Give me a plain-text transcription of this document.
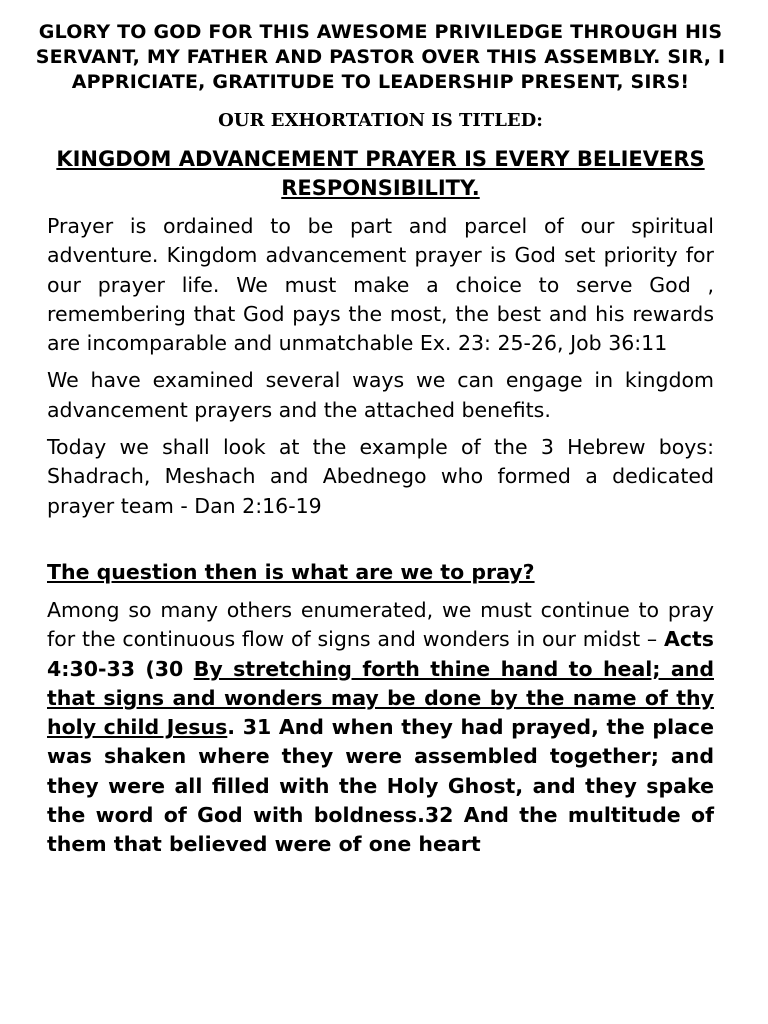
GLORY TO GOD FOR THIS AWESOME PRIVILEDGE THROUGH HIS SERVANT, MY FATHER AND PASTOR OVER THIS ASSEMBLY. SIR, I APPRICIATE, GRATITUDE TO LEADERSHIP PRESENT, SIRS!
OUR EXHORTATION IS TITLED:
KINGDOM ADVANCEMENT PRAYER IS EVERY BELIEVERS RESPONSIBILITY.

Prayer is ordained to be part and parcel of our spiritual adventure. Kingdom advancement prayer is God set priority for our prayer life. We must make a choice to serve God , remembering that God pays the most, the best and his rewards are incomparable and unmatchable Ex. 23: 25-26, Job 36:11

We have examined several ways we can engage in kingdom advancement prayers and the attached benefits.

Today we shall look at the example of the 3 Hebrew boys: Shadrach, Meshach and Abednego who formed a dedicated prayer team - Dan 2:16-19

The question then is what are we to pray?

Among so many others enumerated, we must continue to pray for the continuous flow of signs and wonders in our midst – Acts 4:30-33 (30 By stretching forth thine hand to heal; and that signs and wonders may be done by the name of thy holy child Jesus. 31 And when they had prayed, the place was shaken where they were assembled together; and they were all filled with the Holy Ghost, and they spake the word of God with boldness.32 And the multitude of them that believed were of one heart
